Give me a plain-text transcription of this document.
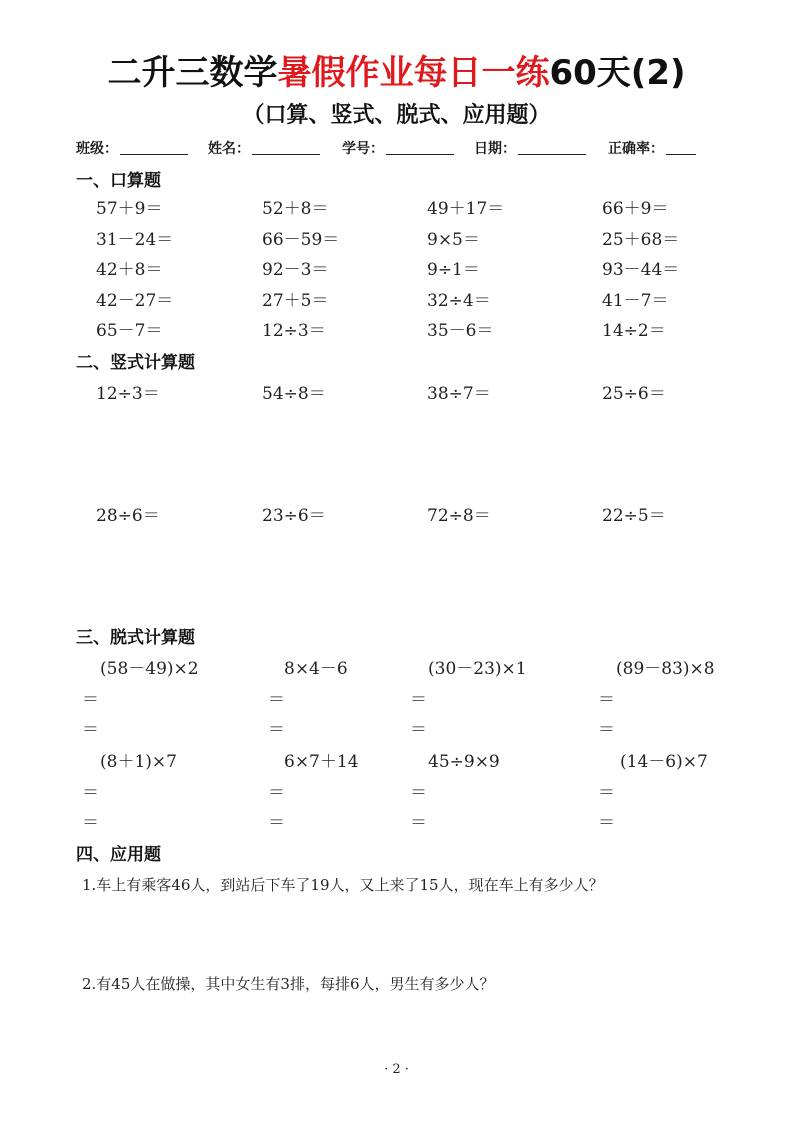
二升三数学暑假作业每日一练60天(2)
（口算、竖式、脱式、应用题）
班级：	姓名：	学号：	日期：	正确率：
一、口算题
57＋9＝	52＋8＝	49＋17＝	66＋9＝
31－24＝	66－59＝	9×5＝	25＋68＝
42＋8＝	92－3＝	9÷1＝	93－44＝
42－27＝	27＋5＝	32÷4＝	41－7＝
65－7＝	12÷3＝	35－6＝	14÷2＝
二、竖式计算题
12÷3＝	54÷8＝	38÷7＝	25÷6＝
28÷6＝	23÷6＝	72÷8＝	22÷5＝
三、脱式计算题
(58－49)×2	8×4－6	(30－23)×1	(89－83)×8
＝	＝	＝	＝
＝	＝	＝	＝
(8＋1)×7	6×7＋14	45÷9×9	(14－6)×7
＝	＝	＝	＝
＝	＝	＝	＝
四、应用题
1.车上有乘客46人，到站后下车了19人，又上来了15人，现在车上有多少人？
2.有45人在做操，其中女生有3排，每排6人，男生有多少人？
· 2 ·
